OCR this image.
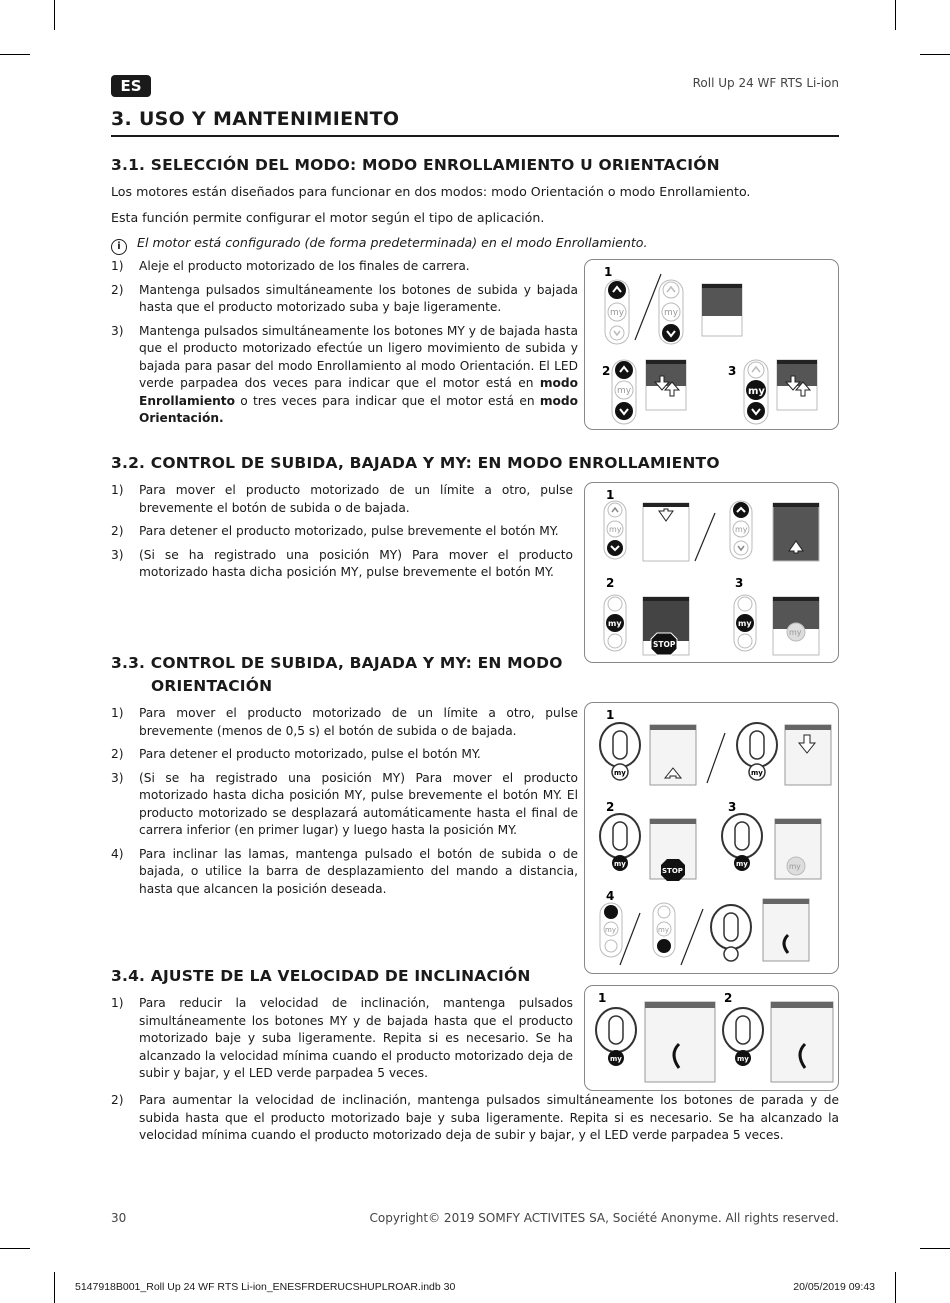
ES	Roll Up 24 WF RTS Li-ion
3. USO Y MANTENIMIENTO
3.1. SELECCIÓN DEL MODO: MODO ENROLLAMIENTO U ORIENTACIÓN
Los motores están diseñados para funcionar en dos modos: modo Orientación o modo Enrollamiento.
Esta función permite configurar el motor según el tipo de aplicación.
i El motor está configurado (de forma predeterminada) en el modo Enrollamiento.
1) Aleje el producto motorizado de los finales de carrera.
2) Mantenga pulsados simultáneamente los botones de subida y bajada hasta que el producto motorizado suba y baje ligeramente.
3) Mantenga pulsados simultáneamente los botones MY y de bajada hasta que el producto motorizado efectúe un ligero movimiento de subida y bajada para pasar del modo Enrollamiento al modo Orientación. El LED verde parpadea dos veces para indicar que el motor está en modo Enrollamiento o tres veces para indicar que el motor está en modo Orientación.
1
2	3
my	my
my	my
3.2. CONTROL DE SUBIDA, BAJADA Y MY: EN MODO ENROLLAMIENTO
1) Para mover el producto motorizado de un límite a otro, pulse brevemente el botón de subida o de bajada.
2) Para detener el producto motorizado, pulse brevemente el botón MY.
3) (Si se ha registrado una posición MY) Para mover el producto motorizado hasta dicha posición MY, pulse brevemente el botón MY.
1
2	3
my	my
my
STOP
my
my
3.3. CONTROL DE SUBIDA, BAJADA Y MY: EN MODO
ORIENTACIÓN
1) Para mover el producto motorizado de un límite a otro, pulse brevemente (menos de 0,5 s) el botón de subida o de bajada.
2) Para detener el producto motorizado, pulse el botón MY.
3) (Si se ha registrado una posición MY) Para mover el producto motorizado hasta dicha posición MY, pulse brevemente el botón MY. El producto motorizado se desplazará automáticamente hasta el final de carrera inferior (en primer lugar) y luego hasta la posición MY.
4) Para inclinar las lamas, mantenga pulsado el botón de subida o de bajada, o utilice la barra de desplazamiento del mando a distancia, hasta que alcancen la posición deseada.
1
2	3
4
my	my
my
STOP
my	my
my	my
3.4. AJUSTE DE LA VELOCIDAD DE INCLINACIÓN
1) Para reducir la velocidad de inclinación, mantenga pulsados simultáneamente los botones MY y de bajada hasta que el producto motorizado baje y suba ligeramente. Repita si es necesario. Se ha alcanzado la velocidad mínima cuando el producto motorizado deja de subir y bajar, y el LED verde parpadea 5 veces.
2) Para aumentar la velocidad de inclinación, mantenga pulsados simultáneamente los botones de parada y de subida hasta que el producto motorizado baje y suba ligeramente. Repita si es necesario. Se ha alcanzado la velocidad mínima cuando el producto motorizado deja de subir y bajar, y el LED verde parpadea 5 veces.
1	2
my	my
30	Copyright© 2019 SOMFY ACTIVITES SA, Société Anonyme. All rights reserved.
5147918B001_Roll Up 24 WF RTS Li-ion_ENESFRDERUCSHUPLROAR.indb 30	20/05/2019 09:43
